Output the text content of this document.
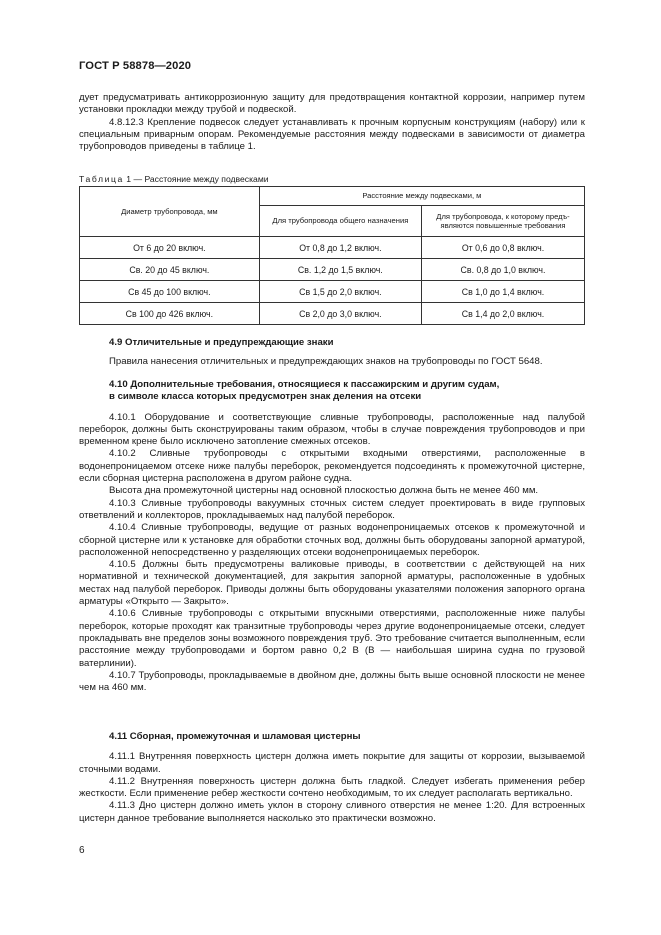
ГОСТ Р 58878—2020

дует предусматривать антикоррозионную защиту для предотвращения контактной коррозии, например путем установки прокладки между трубой и подвеской.

4.8.12.3 Крепление подвесок следует устанавливать к прочным корпусным конструкциям (набору) или к специальным приварным опорам. Рекомендуемые расстояния между подвесками в зависимости от диаметра трубопроводов приведены в таблице 1.

Таблица 1 — Расстояние между подвесками
Диаметр трубопровода, мм	Расстояние между подвесками, м	
	Для трубопровода общего назначения	Для трубопровода, к которому предъ-являются повышенные требования
От 6 до 20 включ.	От 0,8 до 1,2 включ.	От 0,6 до 0,8 включ.
Св. 20 до 45 включ.	Св. 1,2 до 1,5 включ.	Св. 0,8 до 1,0 включ.
Св 45 до 100 включ.	Св 1,5 до 2,0 включ.	Св 1,0 до 1,4 включ.
Св 100 до 426 включ.	Св 2,0 до 3,0 включ.	Св 1,4 до 2,0 включ.
4.9 Отличительные и предупреждающие знаки

Правила нанесения отличительных и предупреждающих знаков на трубопроводы по ГОСТ 5648.

4.10 Дополнительные требования, относящиеся к пассажирским и другим судам,
в символе класса которых предусмотрен знак деления на отсеки

4.10.1 Оборудование и соответствующие сливные трубопроводы, расположенные над палубой переборок, должны быть сконструированы таким образом, чтобы в случае повреждения трубопроводов и при временном крене было исключено затопление смежных отсеков.

4.10.2 Сливные трубопроводы с открытыми входными отверстиями, расположенные в водонепроницаемом отсеке ниже палубы переборок, рекомендуется подсоединять к промежуточной цистерне, если сборная цистерна расположена в другом районе судна.

Высота дна промежуточной цистерны над основной плоскостью должна быть не менее 460 мм.

4.10.3 Сливные трубопроводы вакуумных сточных систем следует проектировать в виде групповых ответвлений и коллекторов, прокладываемых над палубой переборок.

4.10.4 Сливные трубопроводы, ведущие от разных водонепроницаемых отсеков к промежуточной и сборной цистерне или к установке для обработки сточных вод, должны быть оборудованы запорной арматурой, расположенной непосредственно у разделяющих отсеки водонепроницаемых переборок.

4.10.5 Должны быть предусмотрены валиковые приводы, в соответствии с действующей на них нормативной и технической документацией, для закрытия запорной арматуры, расположенные в удобных местах над палубой переборок. Приводы должны быть оборудованы указателями положения запорного органа арматуры «Открыто — Закрыто».

4.10.6 Сливные трубопроводы с открытыми впускными отверстиями, расположенные ниже палубы переборок, которые проходят как транзитные трубопроводы через другие водонепроницаемые отсеки, следует прокладывать вне пределов зоны возможного повреждения труб. Это требование считается выполненным, если расстояние между трубопроводами и бортом равно 0,2 B (B — наибольшая ширина судна по грузовой ватерлинии).

4.10.7 Трубопроводы, прокладываемые в двойном дне, должны быть выше основной плоскости не менее чем на 460 мм.

4.11 Сборная, промежуточная и шламовая цистерны

4.11.1 Внутренняя поверхность цистерн должна иметь покрытие для защиты от коррозии, вызываемой сточными водами.

4.11.2 Внутренняя поверхность цистерн должна быть гладкой. Следует избегать применения ребер жесткости. Если применение ребер жесткости сочтено необходимым, то их следует располагать вертикально.

4.11.3 Дно цистерн должно иметь уклон в сторону сливного отверстия не менее 1:20. Для встроенных цистерн данное требование выполняется насколько это практически возможно.

6
